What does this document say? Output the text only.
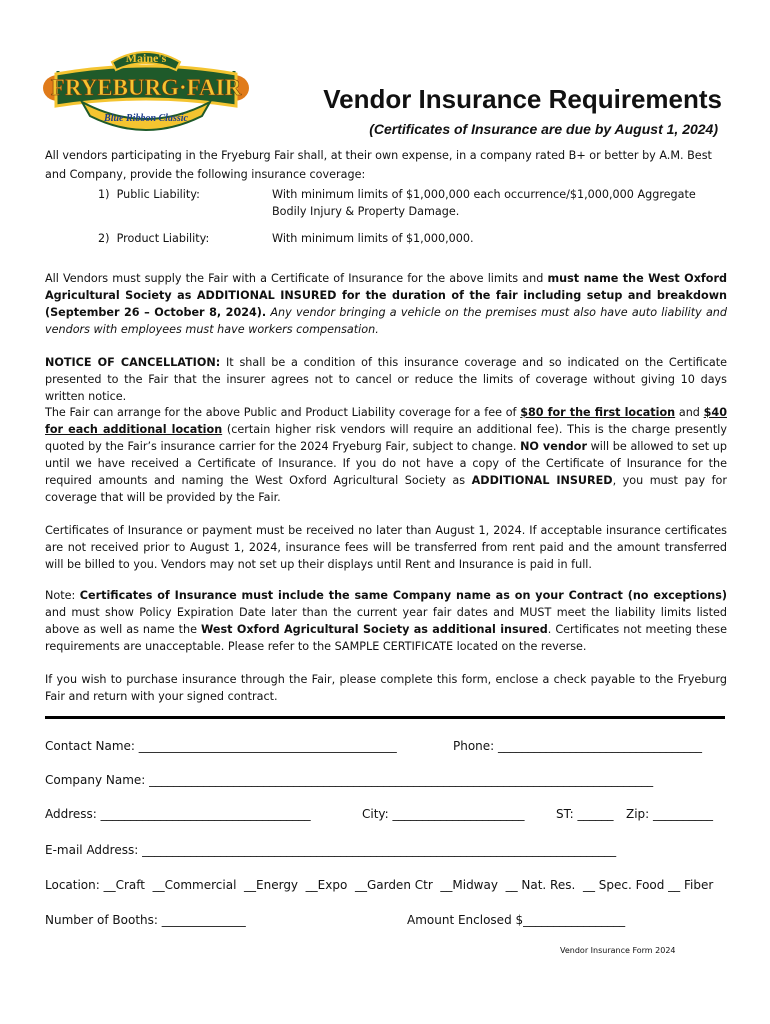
Maine's
FRYEBURG·FAIR
Blue Ribbon Classic
Vendor Insurance Requirements
(Certificates of Insurance are due by August 1, 2024)
All vendors participating in the Fryeburg Fair shall, at their own expense, in a company rated B+ or better by A.M. Best
and Company, provide the following insurance coverage:
1) Public Liability:	With minimum limits of $1,000,000 each occurrence/$1,000,000 Aggregate Bodily Injury & Property Damage.
2) Product Liability:	With minimum limits of $1,000,000.
All Vendors must supply the Fair with a Certificate of Insurance for the above limits and must name the West Oxford Agricultural Society as ADDITIONAL INSURED for the duration of the fair including setup and breakdown (September 26 – October 8, 2024). Any vendor bringing a vehicle on the premises must also have auto liability and vendors with employees must have workers compensation.
NOTICE OF CANCELLATION: It shall be a condition of this insurance coverage and so indicated on the Certificate presented to the Fair that the insurer agrees not to cancel or reduce the limits of coverage without giving 10 days written notice.
The Fair can arrange for the above Public and Product Liability coverage for a fee of $80 for the first location and $40 for each additional location (certain higher risk vendors will require an additional fee). This is the charge presently quoted by the Fair’s insurance carrier for the 2024 Fryeburg Fair, subject to change. NO vendor will be allowed to set up until we have received a Certificate of Insurance. If you do not have a copy of the Certificate of Insurance for the required amounts and naming the West Oxford Agricultural Society as ADDITIONAL INSURED, you must pay for coverage that will be provided by the Fair.
Certificates of Insurance or payment must be received no later than August 1, 2024. If acceptable insurance certificates are not received prior to August 1, 2024, insurance fees will be transferred from rent paid and the amount transferred will be billed to you. Vendors may not set up their displays until Rent and Insurance is paid in full.
Note: Certificates of Insurance must include the same Company name as on your Contract (no exceptions) and must show Policy Expiration Date later than the current year fair dates and MUST meet the liability limits listed above as well as name the West Oxford Agricultural Society as additional insured. Certificates not meeting these requirements are unacceptable. Please refer to the SAMPLE CERTIFICATE located on the reverse.
If you wish to purchase insurance through the Fair, please complete this form, enclose a check payable to the Fryeburg Fair and return with your signed contract.
Contact Name: ___________________________________________	Phone: __________________________________
Company Name: ____________________________________________________________________________________
Address: ___________________________________	City: ______________________	ST: ______ Zip: __________
E-mail Address: _______________________________________________________________________________
Location: __Craft  __Commercial  __Energy  __Expo  __Garden Ctr  __Midway  __ Nat. Res.  __ Spec. Food __ Fiber
Number of Booths: ______________	Amount Enclosed $_________________
Vendor Insurance Form 2024
